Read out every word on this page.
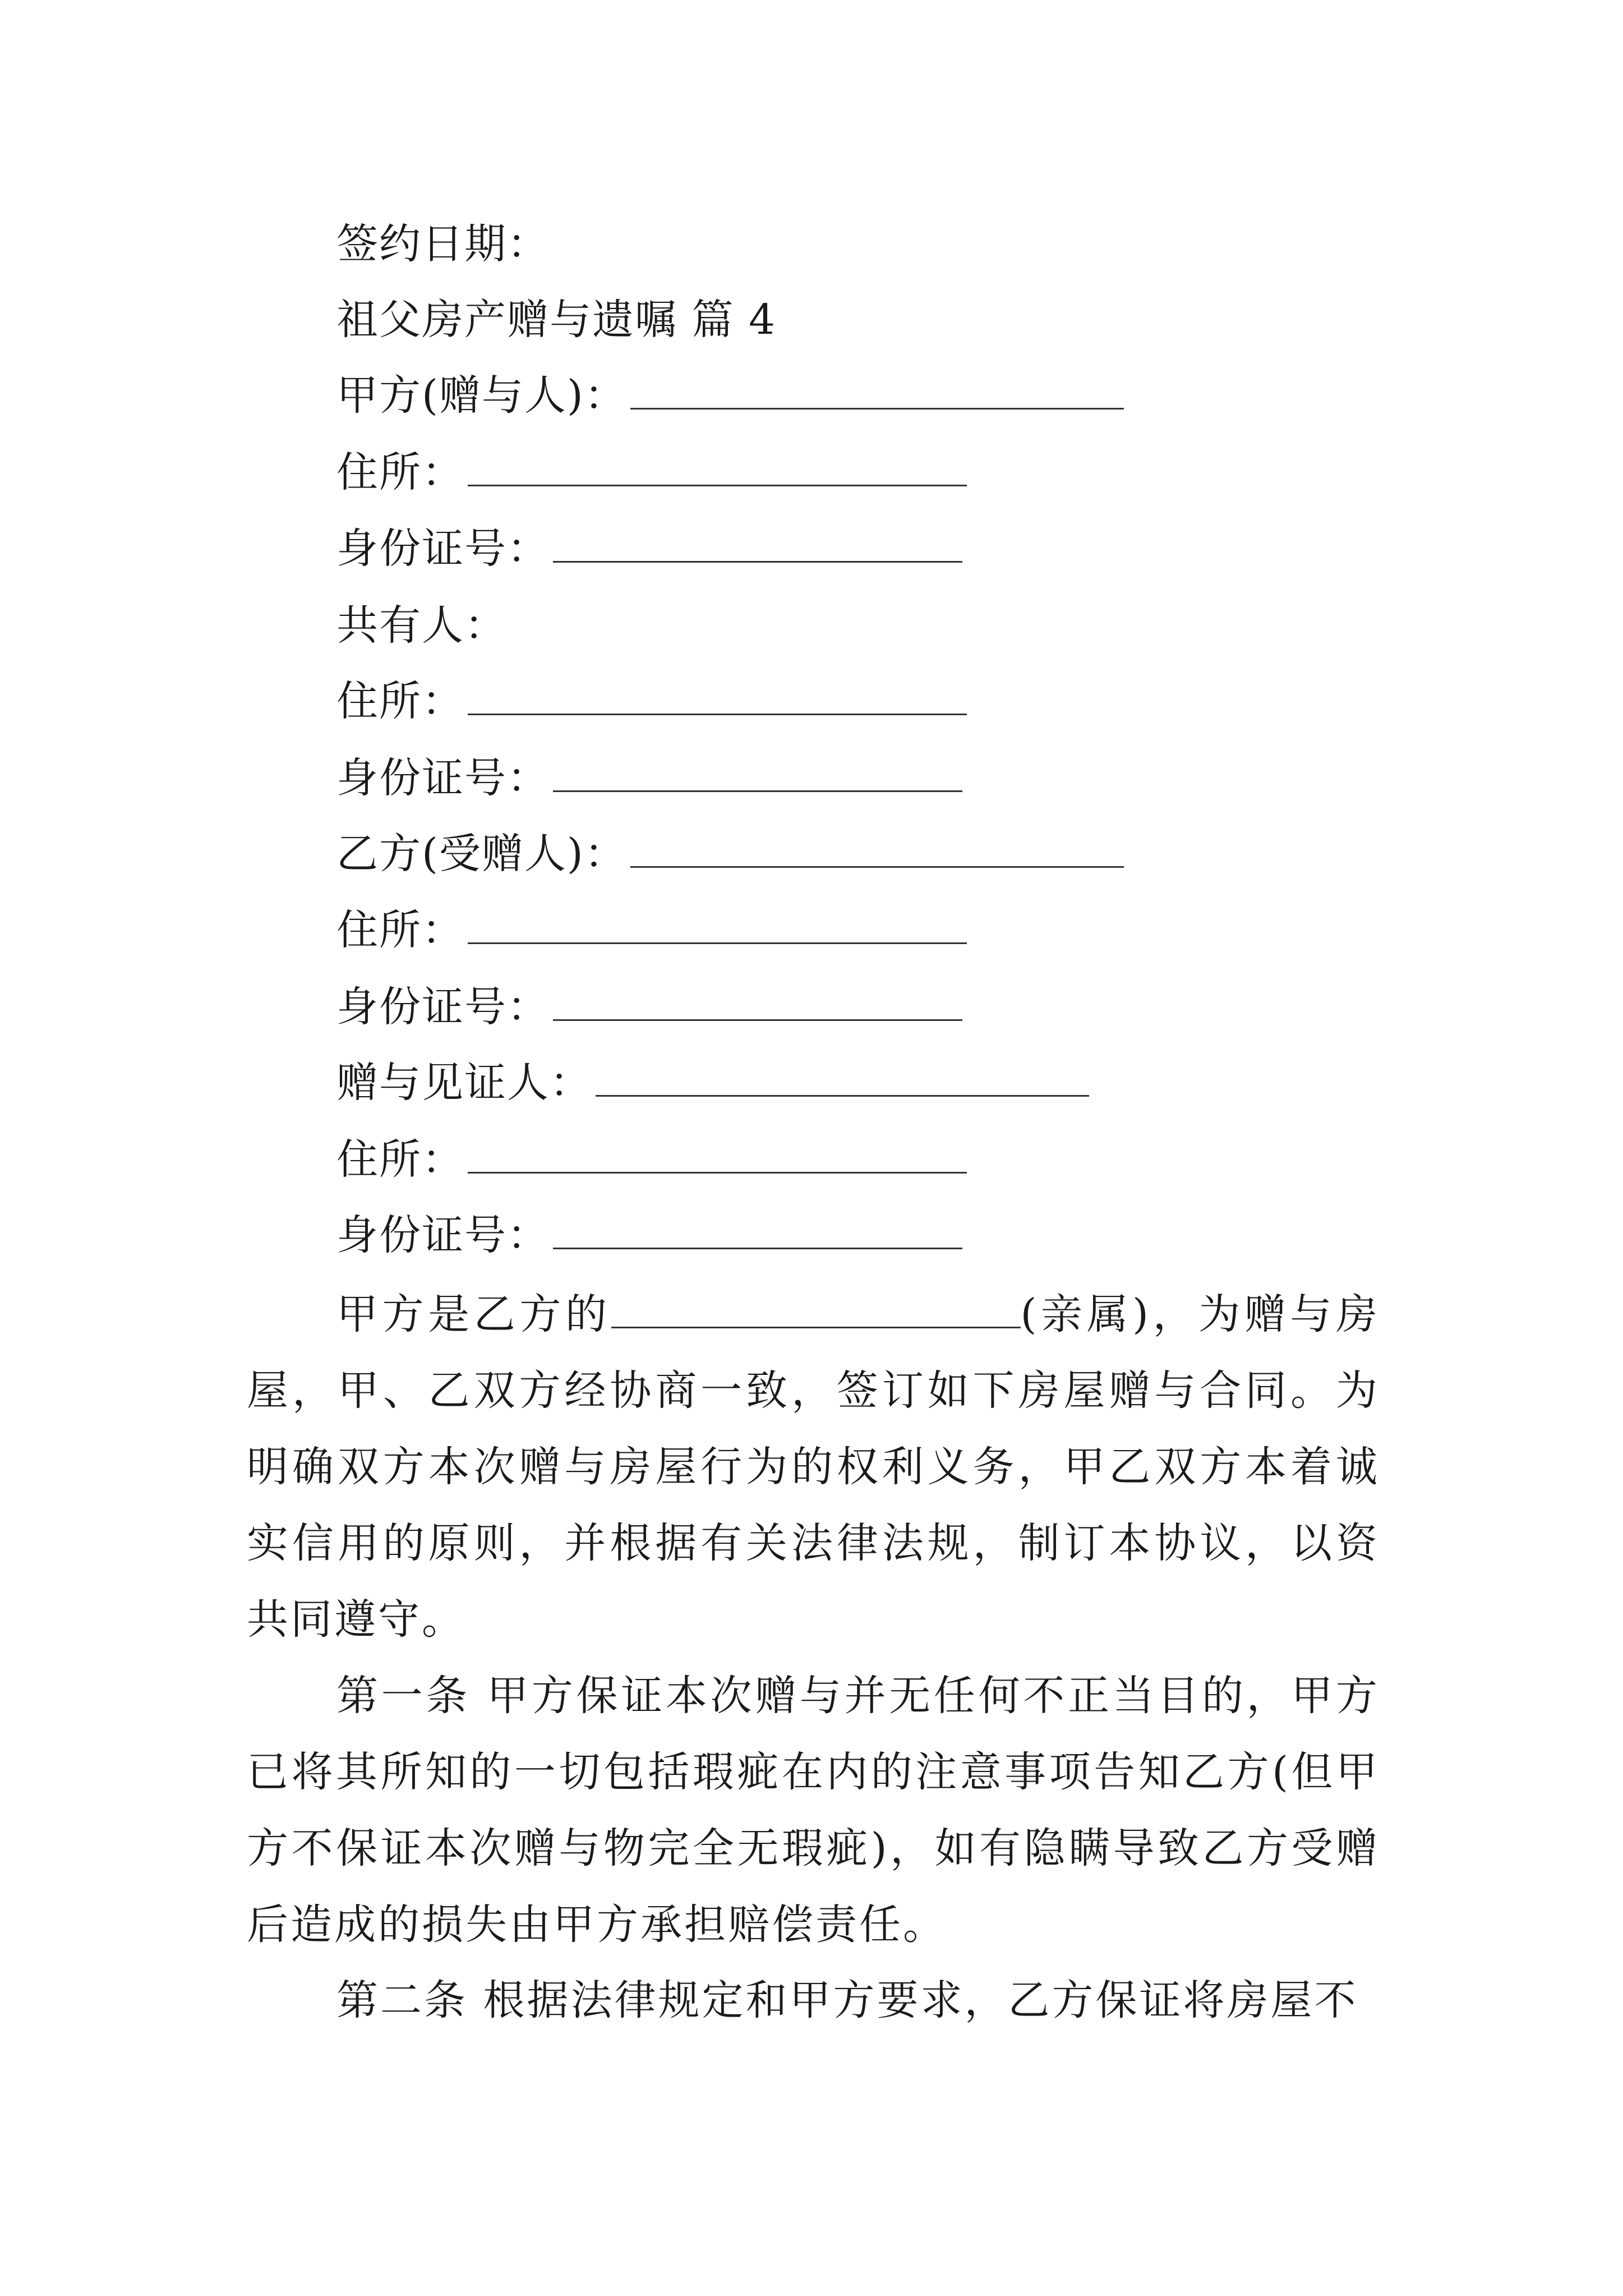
签约日期：
祖父房产赠与遗嘱 篇 4
甲方(赠与人)：
住所：
身份证号：
共有人：
住所：
身份证号：
乙方(受赠人)：
住所：
身份证号：
赠与见证人：
住所：
身份证号：
甲方是乙方的	(亲属)，为赠与房屋，甲、乙双方经协商一致，签订如下房屋赠与合同。为明确双方本次赠与房屋行为的权利义务，甲乙双方本着诚实信用的原则，并根据有关法律法规，制订本协议，以资共同遵守。
第一条 甲方保证本次赠与并无任何不正当目的，甲方已将其所知的一切包括瑕疵在内的注意事项告知乙方(但甲方不保证本次赠与物完全无瑕疵)，如有隐瞒导致乙方受赠后造成的损失由甲方承担赔偿责任。
第二条 根据法律规定和甲方要求，乙方保证将房屋不
